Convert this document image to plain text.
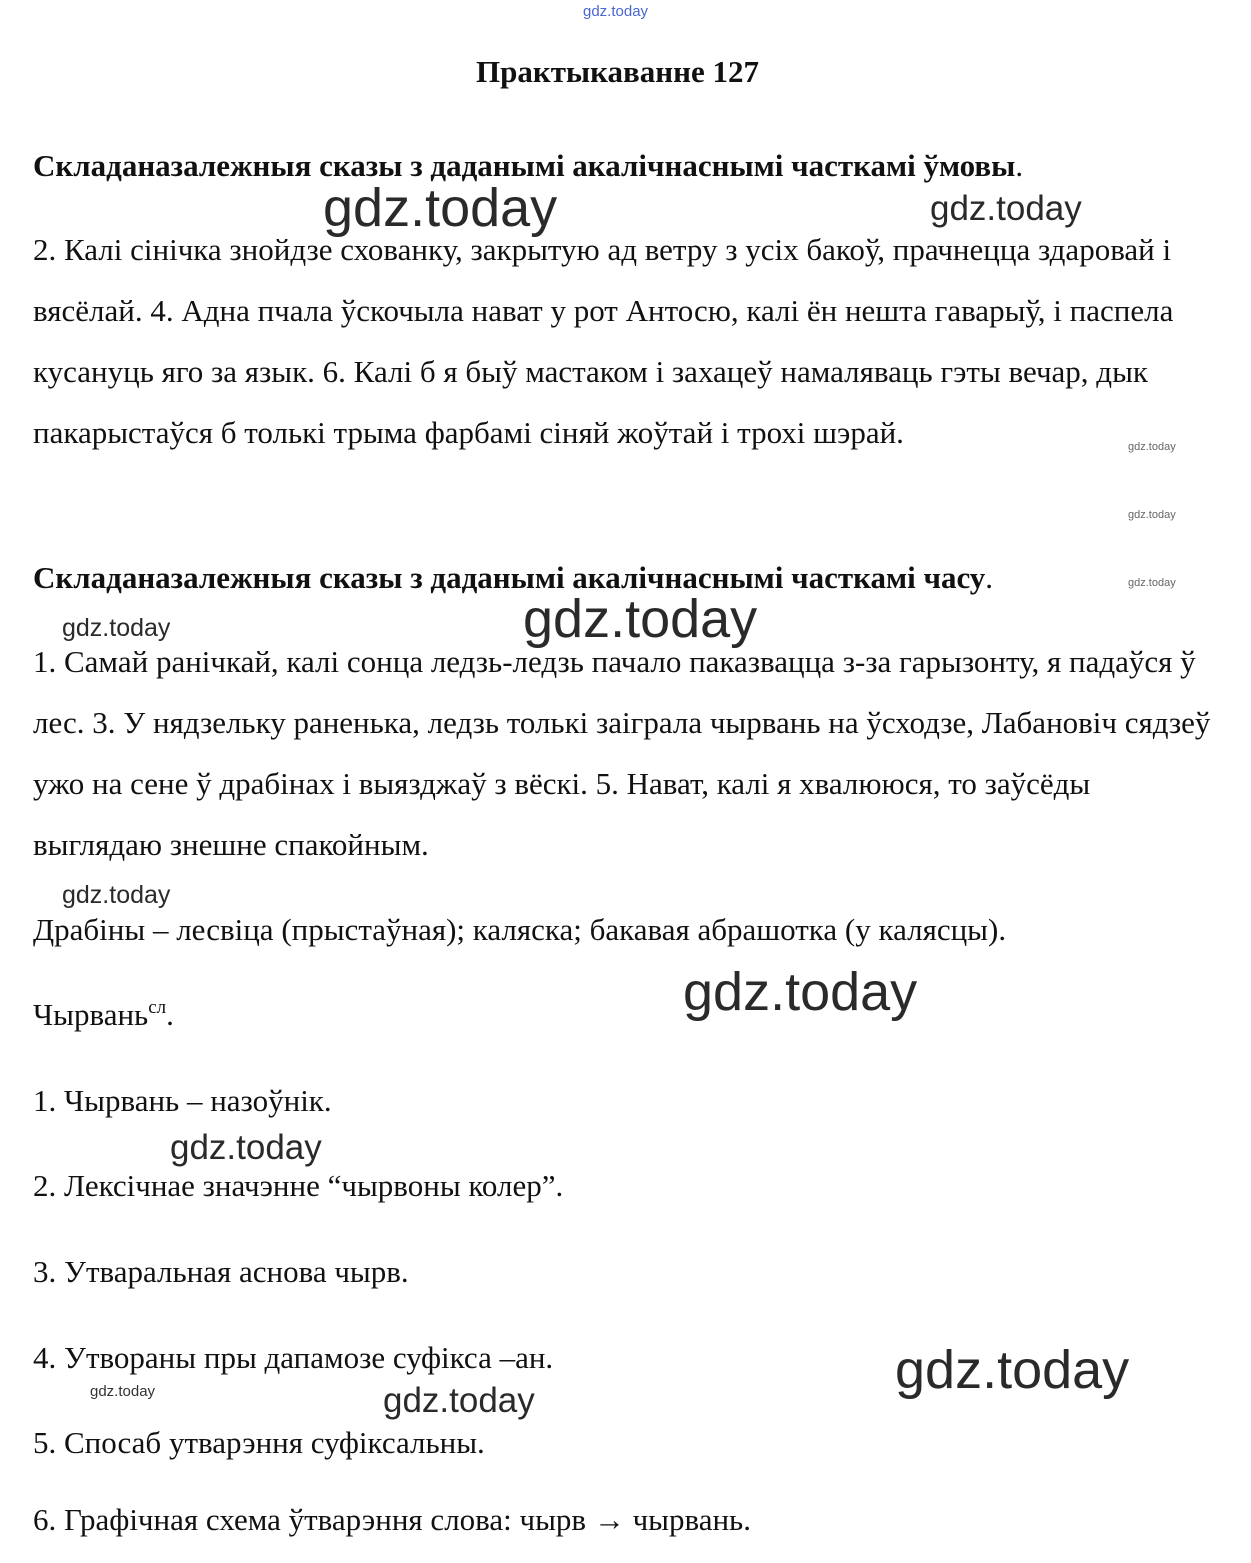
gdz.today
Практыкаванне 127
Складаназалежныя сказы з даданымі акалічнаснымі часткамі ўмовы.
2. Калі сінічка знойдзе схованку, закрытую ад ветру з усіх бакоў, прачнецца здаровай і вясёлай. 4. Адна пчала ўскочыла нават у рот Антосю, калі ён нешта гаварыў, і паспела кусануць яго за язык. 6. Калі б я быў мастаком і захацеў намаляваць гэты вечар, дык пакарыстаўся б толькі трыма фарбамі сіняй жоўтай і трохі шэрай.
Складаназалежныя сказы з даданымі акалічнаснымі часткамі часу.
1. Самай ранічкай, калі сонца ледзь-ледзь пачало паказвацца з-за гарызонту, я падаўся ў лес. 3. У нядзельку раненька, ледзь толькі заіграла чырвань на ўсходзе, Лабановіч сядзеў ужо на сене ў драбінах і выязджаў з вёскі. 5. Нават, калі я хвалююся, то заўсёды выглядаю знешне спакойным.
Драбіны – лесвіца (прыстаўная); каляска; бакавая абрашотка (у калясцы).
Чырвань$^{сл}$.
1. Чырвань – назоўнік.
2. Лексічнае значэнне “чырвоны колер”.
3. Утваральная аснова чырв.
4. Утвораны пры дапамозе суфікса –ан.
5. Спосаб утварэння суфіксальны.
6. Графічная схема ўтварэння слова: чырв → чырвань.
gdz.today	gdz.today
gdz.today
gdz.today
gdz.today
gdz.today
gdz.today
gdz.today
gdz.today
gdz.today
gdz.today
gdz.today	gdz.today
